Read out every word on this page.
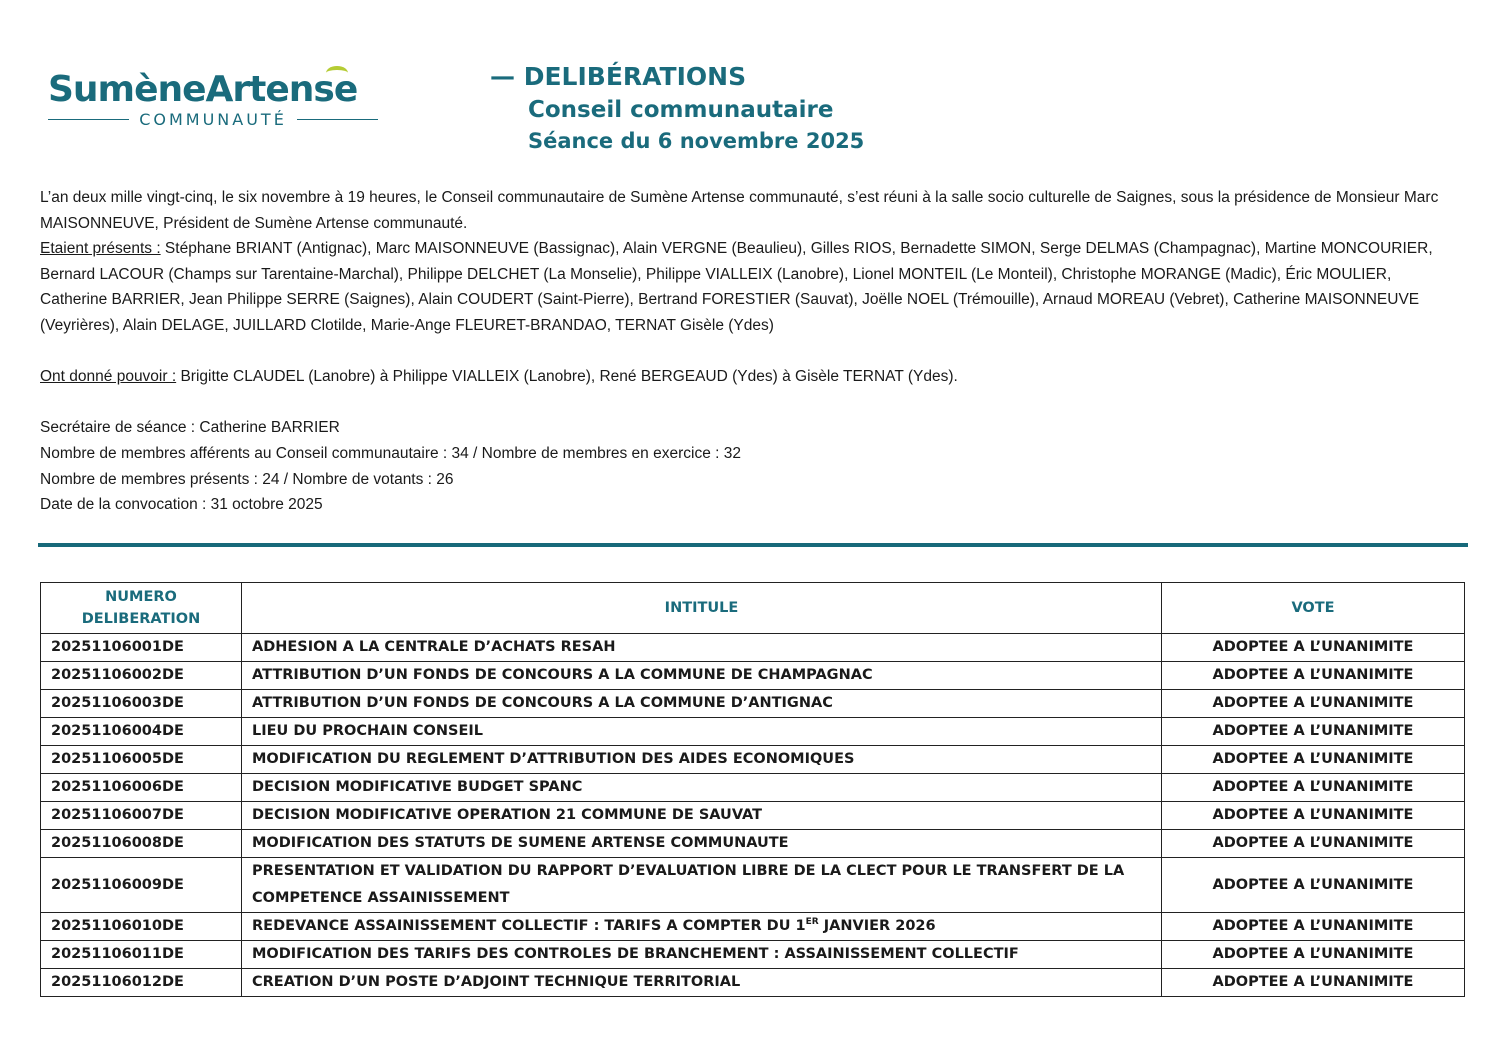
SumèneArtense
COMMUNAUTÉ
— DELIBÉRATIONS
Conseil communautaire
Séance du 6 novembre 2025

L’an deux mille vingt-cinq, le six novembre à 19 heures, le Conseil communautaire de Sumène Artense communauté, s’est réuni à la salle socio culturelle de Saignes, sous la présidence de Monsieur Marc MAISONNEUVE, Président de Sumène Artense communauté.

Etaient présents : Stéphane BRIANT (Antignac), Marc MAISONNEUVE (Bassignac), Alain VERGNE (Beaulieu), Gilles RIOS, Bernadette SIMON, Serge DELMAS (Champagnac), Martine MONCOURIER, Bernard LACOUR (Champs sur Tarentaine-Marchal), Philippe DELCHET (La Monselie), Philippe VIALLEIX (Lanobre), Lionel MONTEIL (Le Monteil), Christophe MORANGE (Madic), Éric MOULIER, Catherine BARRIER, Jean Philippe SERRE (Saignes), Alain COUDERT (Saint-Pierre), Bertrand FORESTIER (Sauvat), Joëlle NOEL (Trémouille), Arnaud MOREAU (Vebret), Catherine MAISONNEUVE (Veyrières), Alain DELAGE, JUILLARD Clotilde, Marie-Ange FLEURET-BRANDAO, TERNAT Gisèle (Ydes)

Ont donné pouvoir : Brigitte CLAUDEL (Lanobre) à Philippe VIALLEIX (Lanobre), René BERGEAUD (Ydes) à Gisèle TERNAT (Ydes).

Secrétaire de séance : Catherine BARRIER

Nombre de membres afférents au Conseil communautaire : 34 / Nombre de membres en exercice : 32

Nombre de membres présents : 24 / Nombre de votants : 26

Date de la convocation : 31 octobre 2025

NUMERO
DELIBERATION	INTITULE	VOTE
20251106001DE	ADHESION A LA CENTRALE D’ACHATS RESAH	ADOPTEE A L’UNANIMITE
20251106002DE	ATTRIBUTION D’UN FONDS DE CONCOURS A LA COMMUNE DE CHAMPAGNAC	ADOPTEE A L’UNANIMITE
20251106003DE	ATTRIBUTION D’UN FONDS DE CONCOURS A LA COMMUNE D’ANTIGNAC	ADOPTEE A L’UNANIMITE
20251106004DE	LIEU DU PROCHAIN CONSEIL	ADOPTEE A L’UNANIMITE
20251106005DE	MODIFICATION DU REGLEMENT D’ATTRIBUTION DES AIDES ECONOMIQUES	ADOPTEE A L’UNANIMITE
20251106006DE	DECISION MODIFICATIVE BUDGET SPANC	ADOPTEE A L’UNANIMITE
20251106007DE	DECISION MODIFICATIVE OPERATION 21 COMMUNE DE SAUVAT	ADOPTEE A L’UNANIMITE
20251106008DE	MODIFICATION DES STATUTS DE SUMENE ARTENSE COMMUNAUTE	ADOPTEE A L’UNANIMITE
20251106009DE	PRESENTATION ET VALIDATION DU RAPPORT D’EVALUATION LIBRE DE LA CLECT POUR LE TRANSFERT DE LA COMPETENCE ASSAINISSEMENT	ADOPTEE A L’UNANIMITE
20251106010DE	REDEVANCE ASSAINISSEMENT COLLECTIF : TARIFS A COMPTER DU 1ER JANVIER 2026	ADOPTEE A L’UNANIMITE
20251106011DE	MODIFICATION DES TARIFS DES CONTROLES DE BRANCHEMENT : ASSAINISSEMENT COLLECTIF	ADOPTEE A L’UNANIMITE
20251106012DE	CREATION D’UN POSTE D’ADJOINT TECHNIQUE TERRITORIAL	ADOPTEE A L’UNANIMITE
